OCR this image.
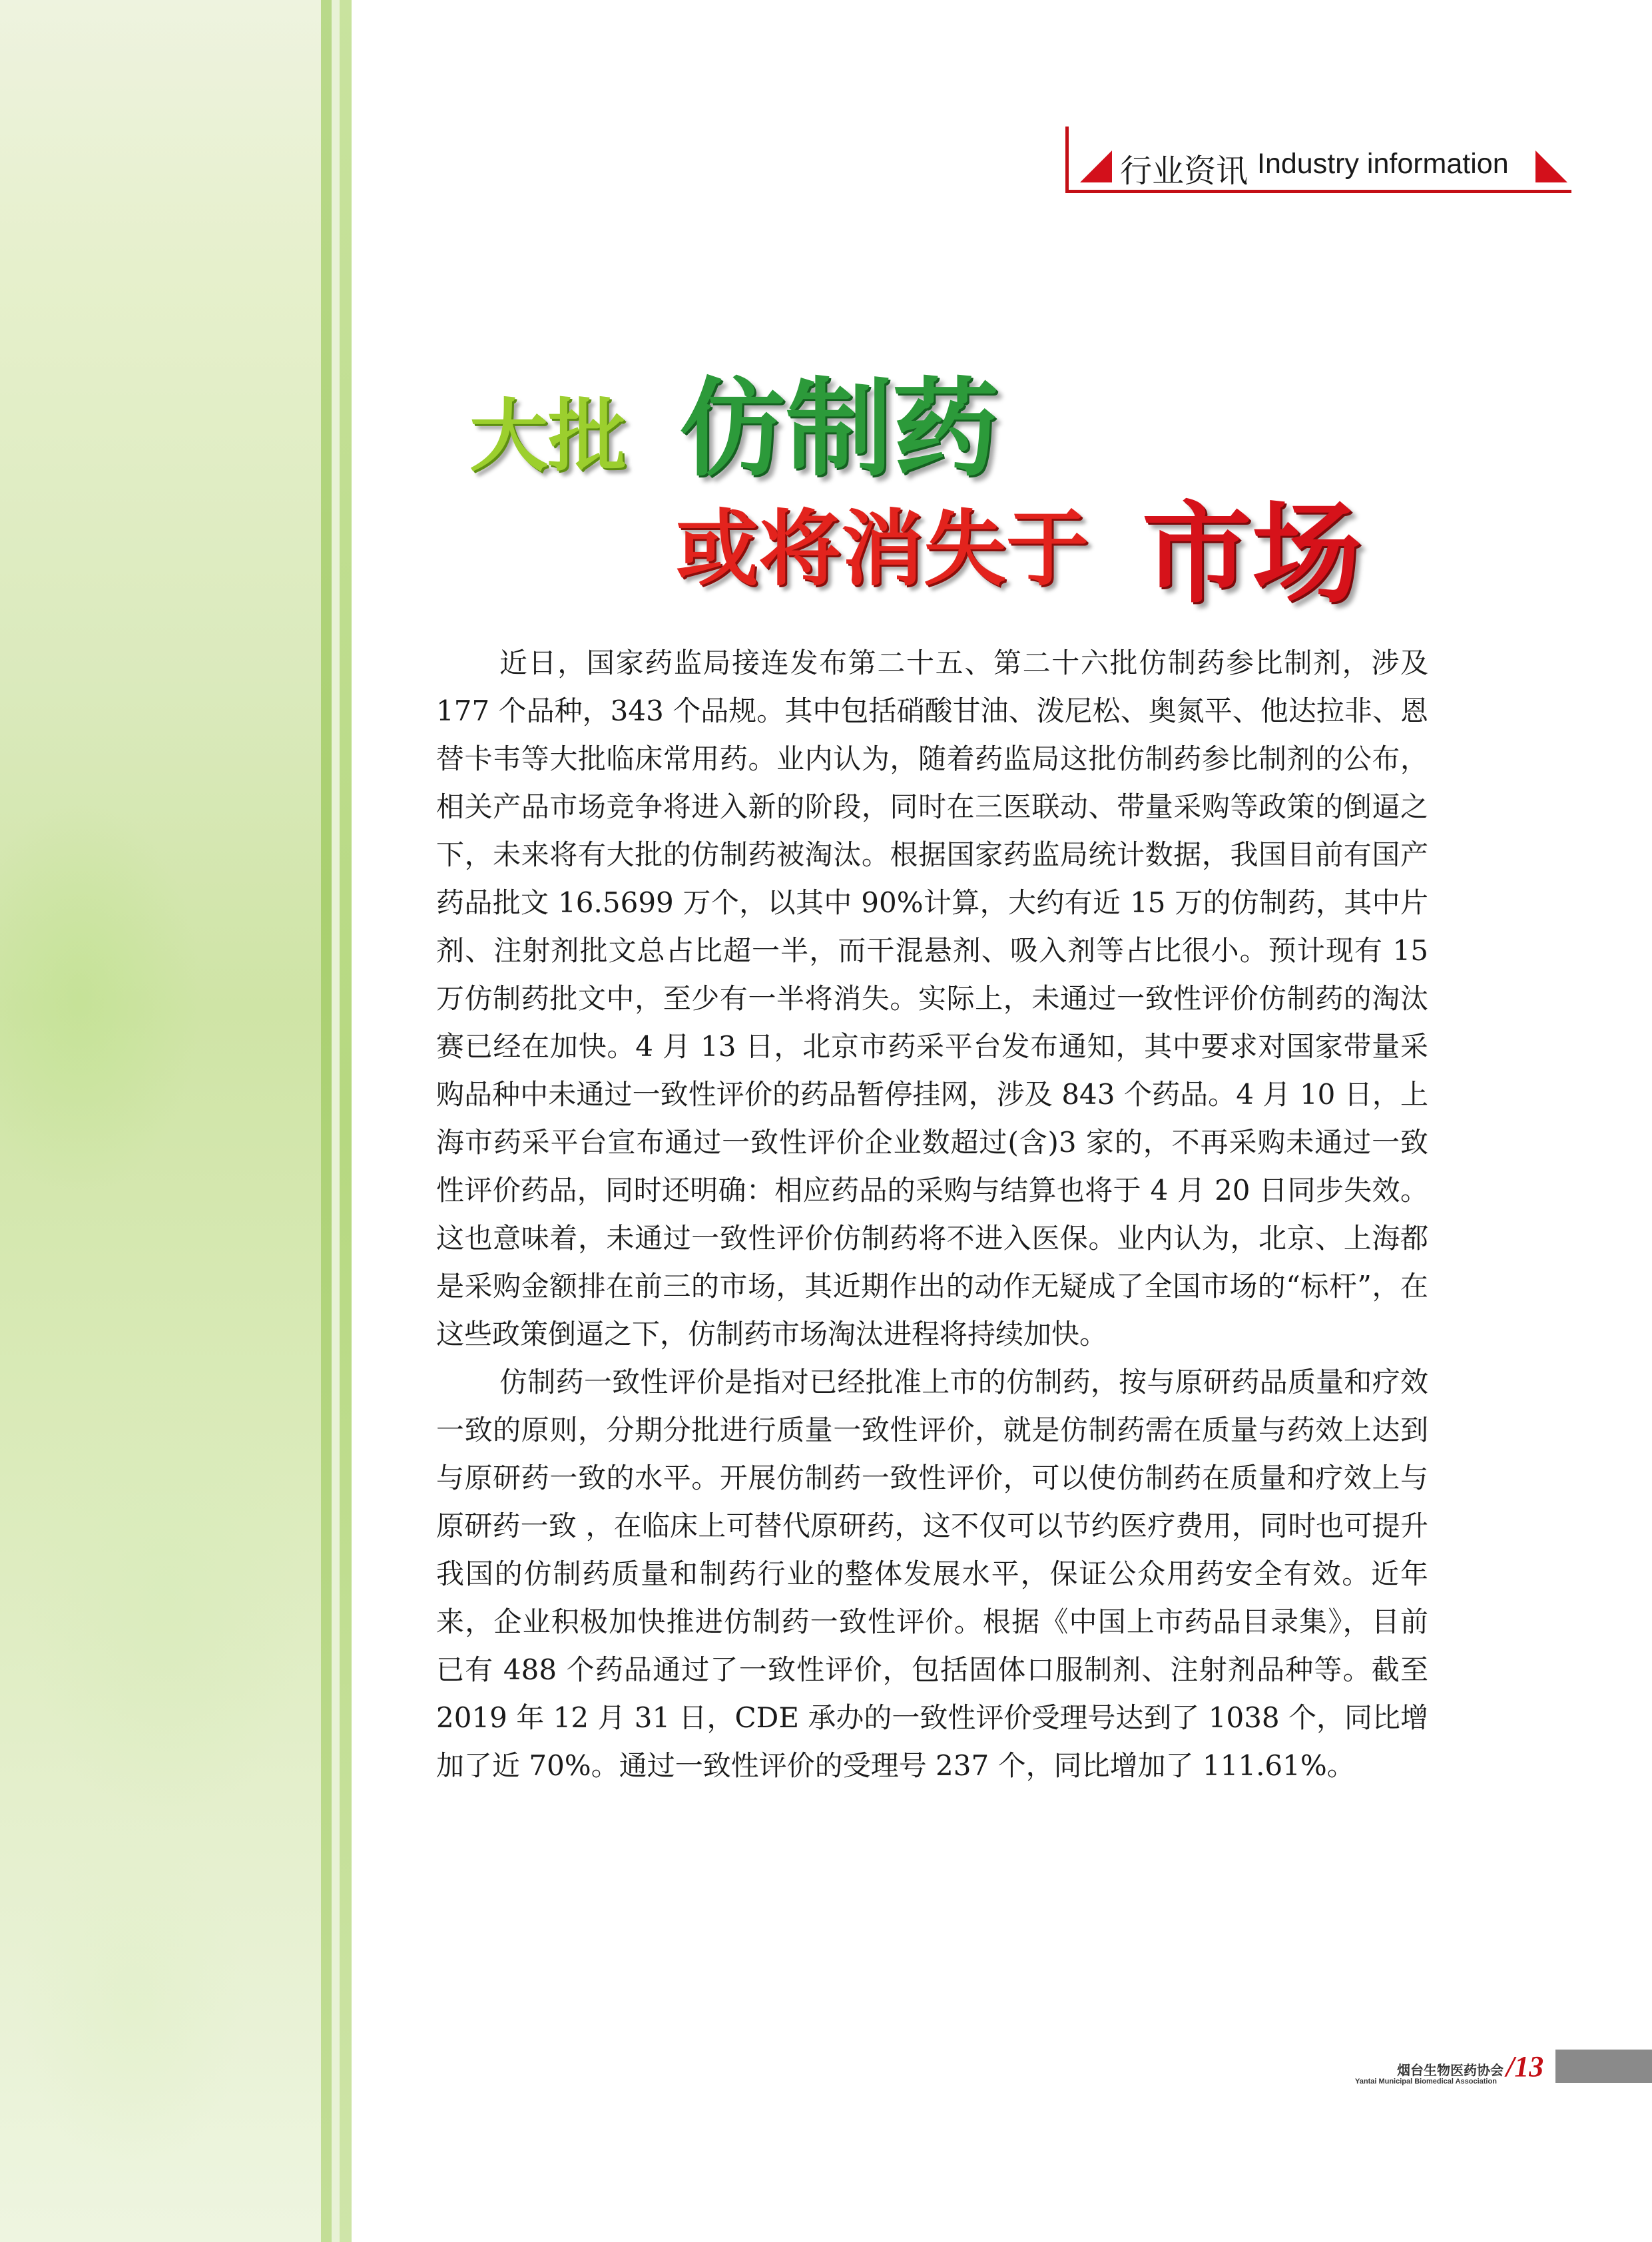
行业资讯 Industry information
大批 仿制药
或将消失于 市场

近日，国家药监局接连发布第二十五、第二十六批仿制药参比制剂，涉及 177 个品种，343 个品规。其中包括硝酸甘油、泼尼松、奥氮平、他达拉非、恩替卡韦等大批临床常用药。业内认为，随着药监局这批仿制药参比制剂的公布，相关产品市场竞争将进入新的阶段，同时在三医联动、带量采购等政策的倒逼之下，未来将有大批的仿制药被淘汰。根据国家药监局统计数据，我国目前有国产药品批文 16.5699 万个，以其中 90%计算，大约有近 15 万的仿制药，其中片剂、注射剂批文总占比超一半，而干混悬剂、吸入剂等占比很小。预计现有 15 万仿制药批文中，至少有一半将消失。实际上，未通过一致性评价仿制药的淘汰赛已经在加快。4 月 13 日，北京市药采平台发布通知，其中要求对国家带量采购品种中未通过一致性评价的药品暂停挂网，涉及 843 个药品。4 月 10 日，上海市药采平台宣布通过一致性评价企业数超过(含)3 家的，不再采购未通过一致性评价药品，同时还明确：相应药品的采购与结算也将于 4 月 20 日同步失效。这也意味着，未通过一致性评价仿制药将不进入医保。业内认为，北京、上海都是采购金额排在前三的市场，其近期作出的动作无疑成了全国市场的“标杆”，在这些政策倒逼之下，仿制药市场淘汰进程将持续加快。

仿制药一致性评价是指对已经批准上市的仿制药，按与原研药品质量和疗效一致的原则，分期分批进行质量一致性评价，就是仿制药需在质量与药效上达到与原研药一致的水平。开展仿制药一致性评价，可以使仿制药在质量和疗效上与原研药一致 ，在临床上可替代原研药，这不仅可以节约医疗费用，同时也可提升我国的仿制药质量和制药行业的整体发展水平，保证公众用药安全有效。近年来，企业积极加快推进仿制药一致性评价。根据《中国上市药品目录集》，目前已有 488 个药品通过了一致性评价，包括固体口服制剂、注射剂品种等。截至 2019 年 12 月 31 日，CDE 承办的一致性评价受理号达到了 1038 个，同比增加了近 70%。通过一致性评价的受理号 237 个，同比增加了 111.61%。

烟台生物医药协会
Yantai Municipal Biomedical Association /13
